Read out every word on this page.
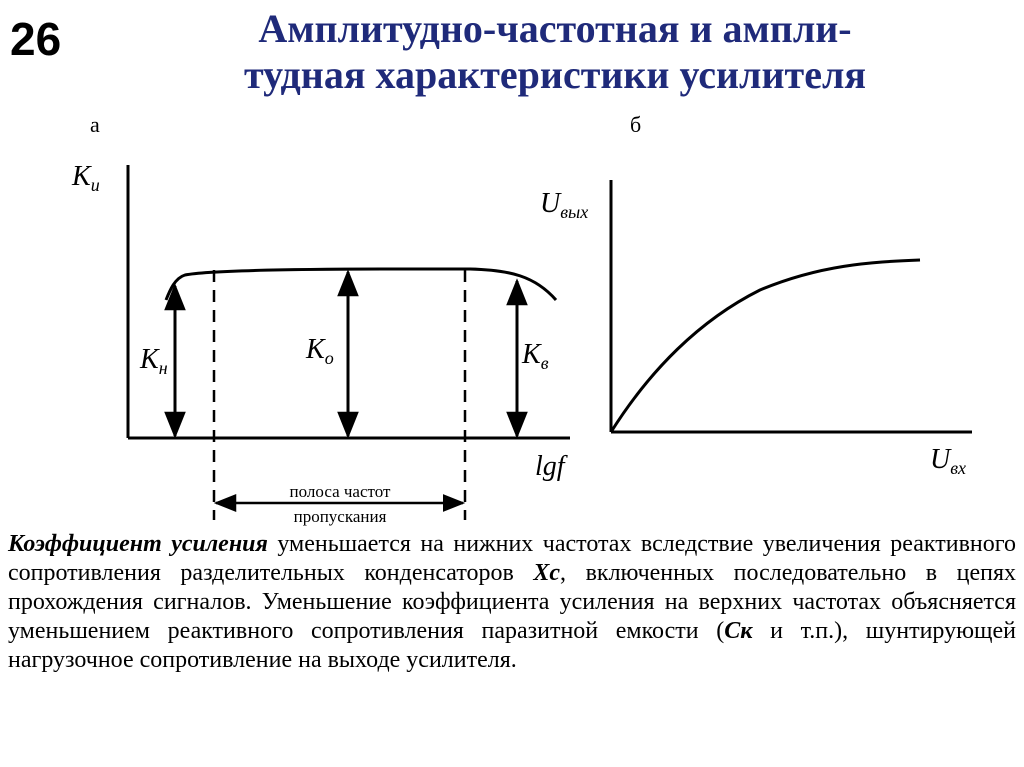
26	Амплитудно-частотная и ампли-
тудная характеристики усилителя
а
$K_u$
lgf
$K_н$
$K_o$	$K_в$
полоса частот
пропускания
б
$U_{вых}$
$U_{вх}$
Коэффициент усиления уменьшается на нижних частотах вследствие увеличения реактивного сопротивления разделительных конденсаторов Xc, включенных последовательно в цепях прохождения сигналов. Уменьшение коэффициента усиления на верхних частотах объясняется уменьшением реактивного сопротивления паразитной емкости (Cк и т.п.), шунтирующей нагрузочное сопротивление на выходе усилителя.
